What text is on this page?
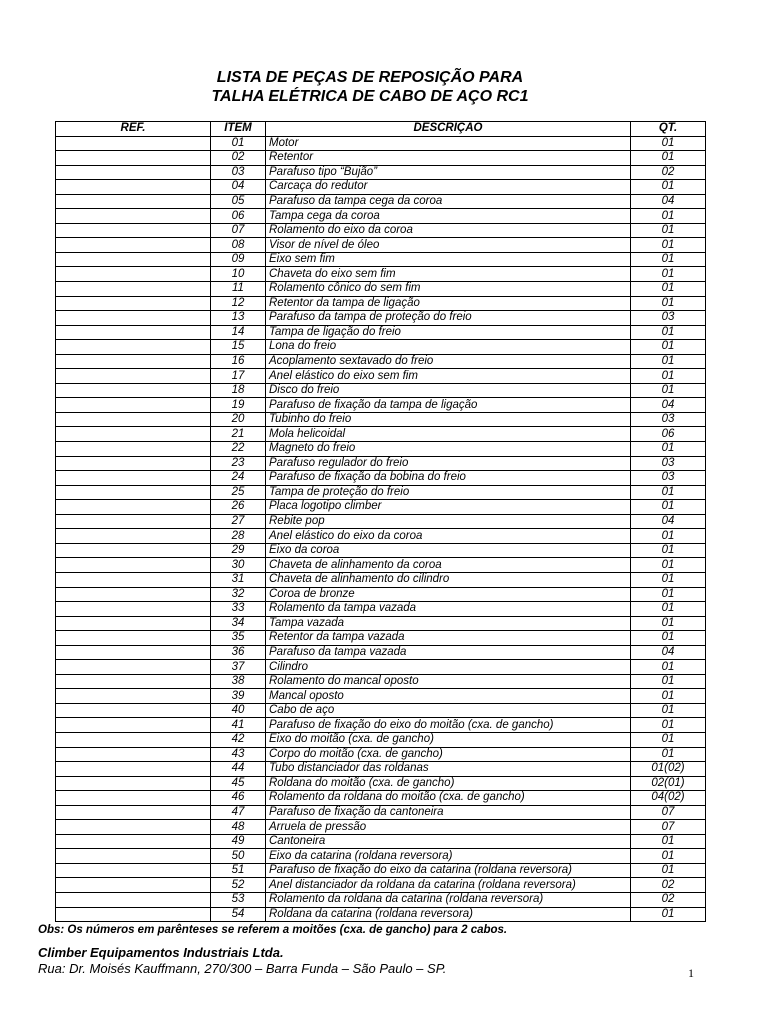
LISTA DE PEÇAS DE REPOSIÇÃO PARA
TALHA ELÉTRICA DE CABO DE AÇO RC1
REF.	ITEM	DESCRIÇÃO	QT.
	01	Motor	01
	02	Retentor	01
	03	Parafuso tipo “Bujão”	02
	04	Carcaça do redutor	01
	05	Parafuso da tampa cega da coroa	04
	06	Tampa cega da coroa	01
	07	Rolamento do eixo da coroa	01
	08	Visor de nível de óleo	01
	09	Eixo sem fim	01
	10	Chaveta do eixo sem fim	01
	11	Rolamento cônico do sem fim	01
	12	Retentor da tampa de ligação	01
	13	Parafuso da tampa de proteção do freio	03
	14	Tampa de ligação do freio	01
	15	Lona do freio	01
	16	Acoplamento sextavado do freio	01
	17	Anel elástico do eixo sem fim	01
	18	Disco do freio	01
	19	Parafuso de fixação da tampa de ligação	04
	20	Tubinho do freio	03
	21	Mola helicoidal	06
	22	Magneto do freio	01
	23	Parafuso regulador do freio	03
	24	Parafuso de fixação da bobina do freio	03
	25	Tampa de proteção do freio	01
	26	Placa logotipo climber	01
	27	Rebite pop	04
	28	Anel elástico do eixo da coroa	01
	29	Eixo da coroa	01
	30	Chaveta de alinhamento da coroa	01
	31	Chaveta de alinhamento do cilindro	01
	32	Coroa de bronze	01
	33	Rolamento da tampa vazada	01
	34	Tampa vazada	01
	35	Retentor da tampa vazada	01
	36	Parafuso da tampa vazada	04
	37	Cilindro	01
	38	Rolamento do mancal oposto	01
	39	Mancal oposto	01
	40	Cabo de aço	01
	41	Parafuso de fixação do eixo do moitão (cxa. de gancho)	01
	42	Eixo do moitão (cxa. de gancho)	01
	43	Corpo do moitão (cxa. de gancho)	01
	44	Tubo distanciador das roldanas	01(02)
	45	Roldana do moitão (cxa. de gancho)	02(01)
	46	Rolamento da roldana do moitão (cxa. de gancho)	04(02)
	47	Parafuso de fixação da cantoneira	07
	48	Arruela de pressão	07
	49	Cantoneira	01
	50	Eixo da catarina (roldana reversora)	01
	51	Parafuso de fixação do eixo da catarina (roldana reversora)	01
	52	Anel distanciador da roldana da catarina (roldana reversora)	02
	53	Rolamento da roldana da catarina (roldana reversora)	02
	54	Roldana da catarina (roldana reversora)	01
Obs: Os números em parênteses se referem a moitões (cxa. de gancho) para 2 cabos.
Climber Equipamentos Industriais Ltda.
Rua: Dr. Moisés Kauffmann, 270/300 – Barra Funda – São Paulo – SP.	1
